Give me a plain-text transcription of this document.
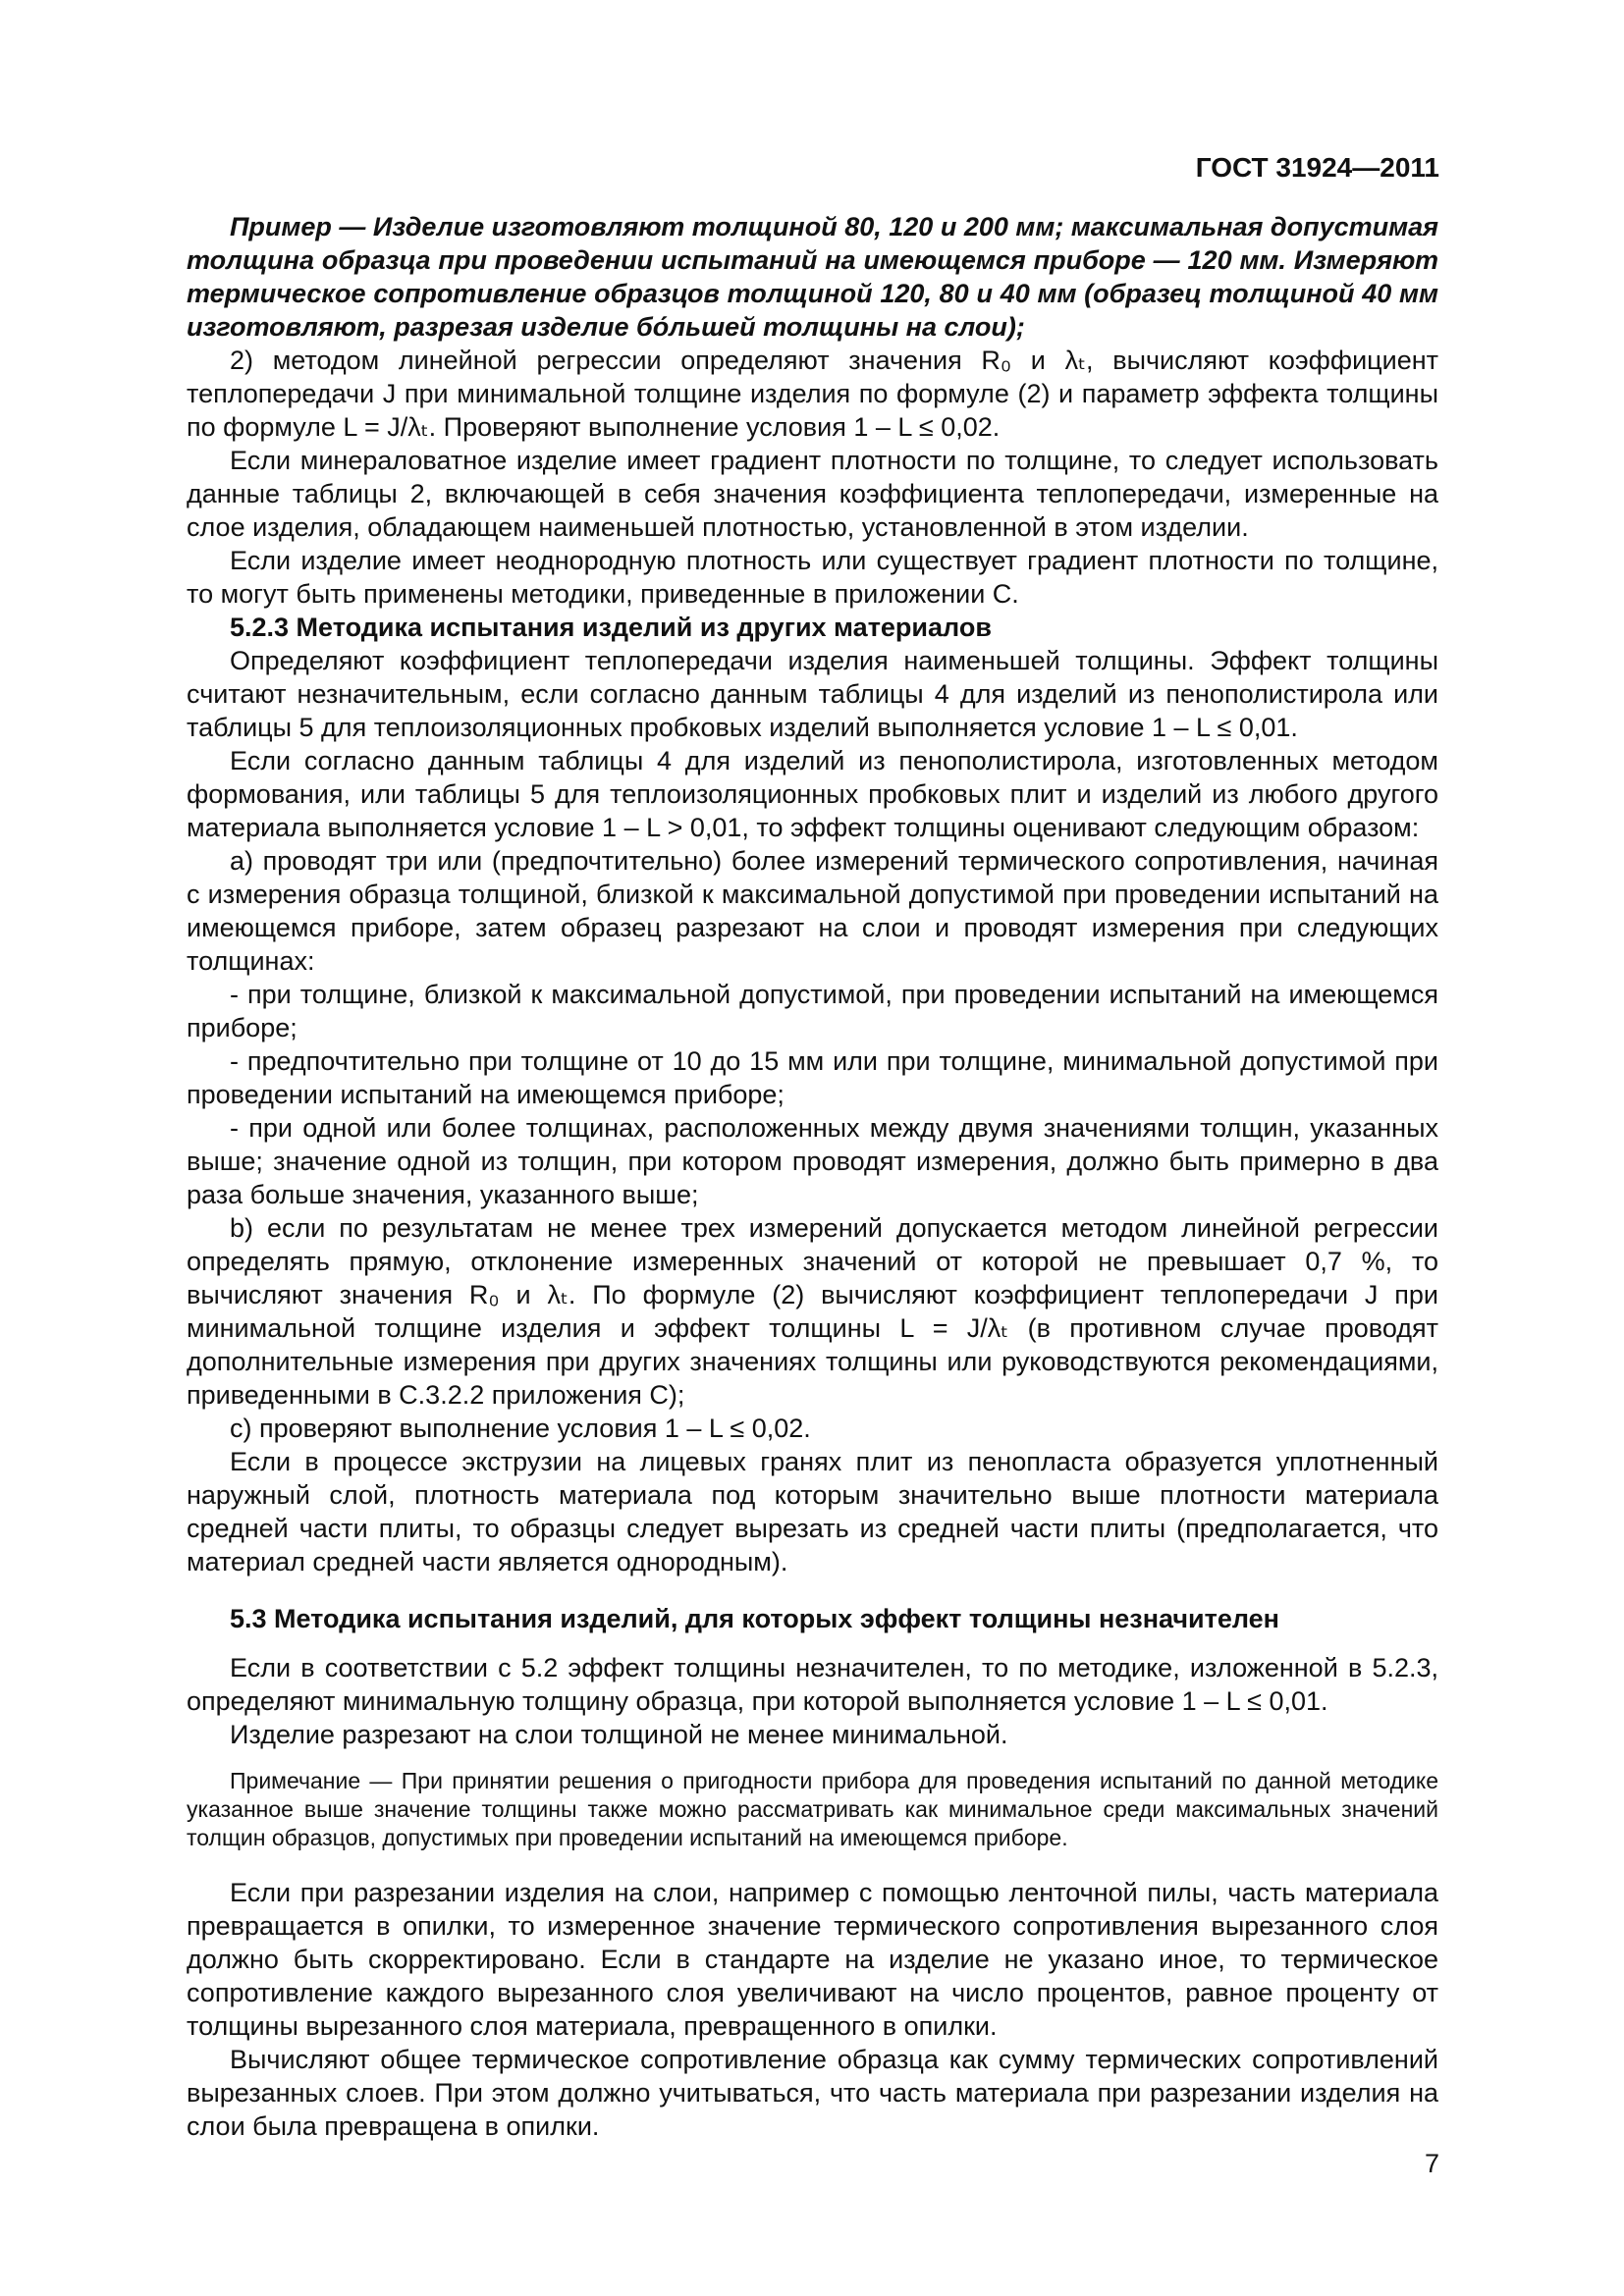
ГОСТ 31924—2011

Пример — Изделие изготовляют толщиной 80, 120 и 200 мм; максимальная допустимая толщина образца при проведении испытаний на имеющемся приборе — 120 мм. Измеряют термическое сопротивление образцов толщиной 120, 80 и 40 мм (образец толщиной 40 мм изготовляют, разрезая изделие бо́льшей толщины на слои);

2) методом линейной регрессии определяют значения R₀ и λₜ, вычисляют коэффициент теплопередачи J при минимальной толщине изделия по формуле (2) и параметр эффекта толщины по формуле L = J/λₜ. Проверяют выполнение условия 1 – L ≤ 0,02.

Если минераловатное изделие имеет градиент плотности по толщине, то следует использовать данные таблицы 2, включающей в себя значения коэффициента теплопередачи, измеренные на слое изделия, обладающем наименьшей плотностью, установленной в этом изделии.

Если изделие имеет неоднородную плотность или существует градиент плотности по толщине, то могут быть применены методики, приведенные в приложении С.

5.2.3 Методика испытания изделий из других материалов

Определяют коэффициент теплопередачи изделия наименьшей толщины. Эффект толщины считают незначительным, если согласно данным таблицы 4 для изделий из пенополистирола или таблицы 5 для теплоизоляционных пробковых изделий выполняется условие 1 – L ≤ 0,01.

Если согласно данным таблицы 4 для изделий из пенополистирола, изготовленных методом формования, или таблицы 5 для теплоизоляционных пробковых плит и изделий из любого другого материала выполняется условие 1 – L > 0,01, то эффект толщины оценивают следующим образом:

а) проводят три или (предпочтительно) более измерений термического сопротивления, начиная с измерения образца толщиной, близкой к максимальной допустимой при проведении испытаний на имеющемся приборе, затем образец разрезают на слои и проводят измерения при следующих толщинах:

- при толщине, близкой к максимальной допустимой, при проведении испытаний на имеющемся приборе;

- предпочтительно при толщине от 10 до 15 мм или при толщине, минимальной допустимой при проведении испытаний на имеющемся приборе;

- при одной или более толщинах, расположенных между двумя значениями толщин, указанных выше; значение одной из толщин, при котором проводят измерения, должно быть примерно в два раза больше значения, указанного выше;

b) если по результатам не менее трех измерений допускается методом линейной регрессии определять прямую, отклонение измеренных значений от которой не превышает 0,7 %, то вычисляют значения R₀ и λₜ. По формуле (2) вычисляют коэффициент теплопередачи J при минимальной толщине изделия и эффект толщины L = J/λₜ (в противном случае проводят дополнительные измерения при других значениях толщины или руководствуются рекомендациями, приведенными в С.3.2.2 приложения С);

с) проверяют выполнение условия 1 – L ≤ 0,02.

Если в процессе экструзии на лицевых гранях плит из пенопласта образуется уплотненный наружный слой, плотность материала под которым значительно выше плотности материала средней части плиты, то образцы следует вырезать из средней части плиты (предполагается, что материал средней части является однородным).

5.3 Методика испытания изделий, для которых эффект толщины незначителен

Если в соответствии с 5.2 эффект толщины незначителен, то по методике, изложенной в 5.2.3, определяют минимальную толщину образца, при которой выполняется условие 1 – L ≤ 0,01.

Изделие разрезают на слои толщиной не менее минимальной.

Примечание — При принятии решения о пригодности прибора для проведения испытаний по данной методике указанное выше значение толщины также можно рассматривать как минимальное среди максимальных значений толщин образцов, допустимых при проведении испытаний на имеющемся приборе.

Если при разрезании изделия на слои, например с помощью ленточной пилы, часть материала превращается в опилки, то измеренное значение термического сопротивления вырезанного слоя должно быть скорректировано. Если в стандарте на изделие не указано иное, то термическое сопротивление каждого вырезанного слоя увеличивают на число процентов, равное проценту от толщины вырезанного слоя материала, превращенного в опилки.

Вычисляют общее термическое сопротивление образца как сумму термических сопротивлений вырезанных слоев. При этом должно учитываться, что часть материала при разрезании изделия на слои была превращена в опилки.

7
